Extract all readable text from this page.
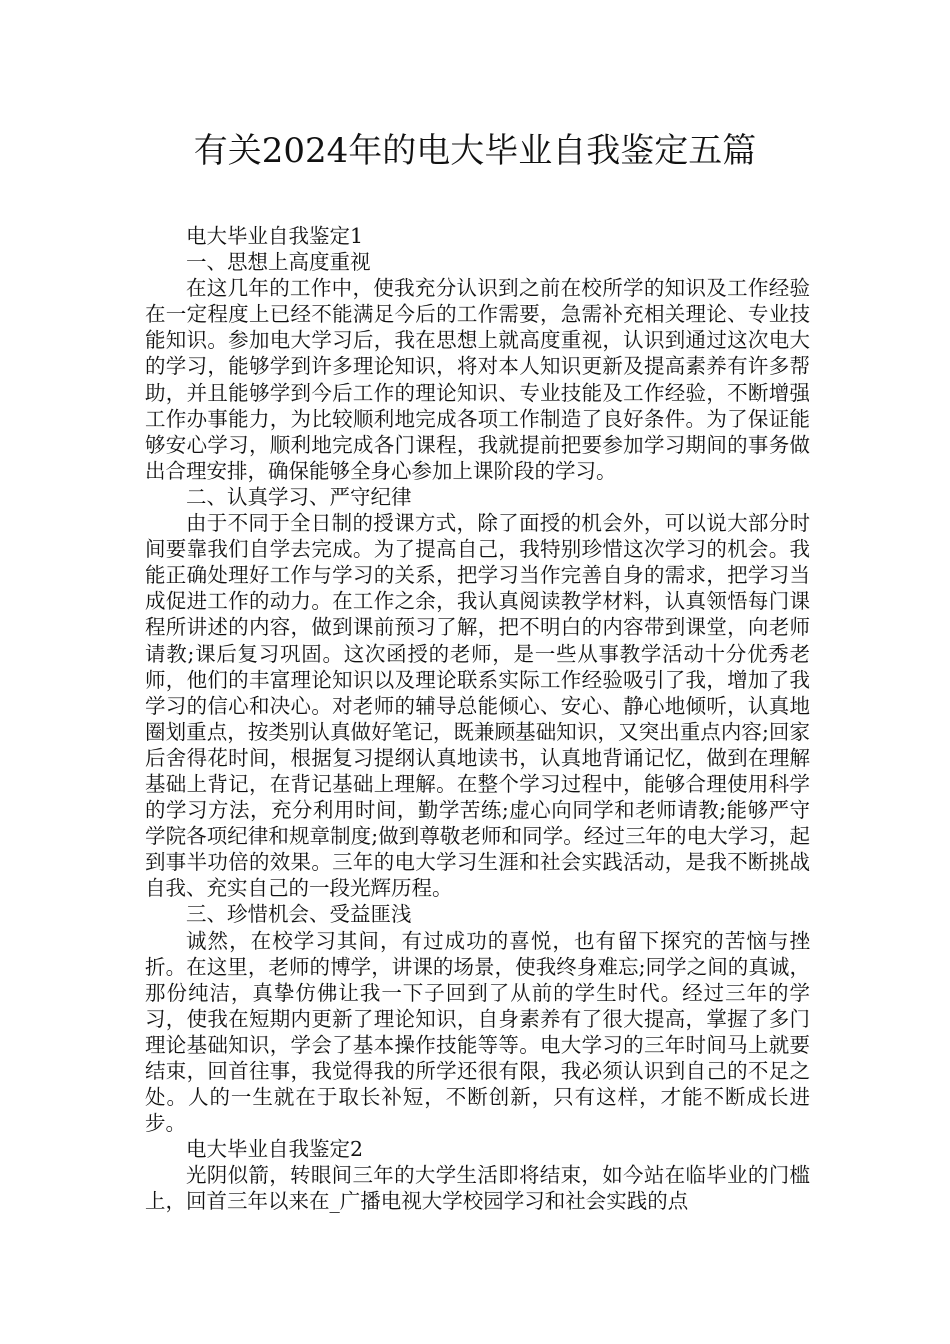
有关2024年的电大毕业自我鉴定五篇

电大毕业自我鉴定1

一、思想上高度重视

在这几年的工作中，使我充分认识到之前在校所学的知识及工作经验在一定程度上已经不能满足今后的工作需要，急需补充相关理论、专业技能知识。参加电大学习后，我在思想上就高度重视，认识到通过这次电大的学习，能够学到许多理论知识，将对本人知识更新及提高素养有许多帮助，并且能够学到今后工作的理论知识、专业技能及工作经验，不断增强工作办事能力，为比较顺利地完成各项工作制造了良好条件。为了保证能够安心学习，顺利地完成各门课程，我就提前把要参加学习期间的事务做出合理安排，确保能够全身心参加上课阶段的学习。

二、认真学习、严守纪律

由于不同于全日制的授课方式，除了面授的机会外，可以说大部分时间要靠我们自学去完成。为了提高自己，我特别珍惜这次学习的机会。我能正确处理好工作与学习的关系，把学习当作完善自身的需求，把学习当成促进工作的动力。在工作之余，我认真阅读教学材料，认真领悟每门课程所讲述的内容，做到课前预习了解，把不明白的内容带到课堂，向老师请教;课后复习巩固。这次函授的老师，是一些从事教学活动十分优秀老师，他们的丰富理论知识以及理论联系实际工作经验吸引了我，增加了我学习的信心和决心。对老师的辅导总能倾心、安心、静心地倾听，认真地圈划重点，按类别认真做好笔记，既兼顾基础知识，又突出重点内容;回家后舍得花时间，根据复习提纲认真地读书，认真地背诵记忆，做到在理解基础上背记，在背记基础上理解。在整个学习过程中，能够合理使用科学的学习方法，充分利用时间，勤学苦练;虚心向同学和老师请教;能够严守学院各项纪律和规章制度;做到尊敬老师和同学。经过三年的电大学习，起到事半功倍的效果。三年的电大学习生涯和社会实践活动，是我不断挑战自我、充实自己的一段光辉历程。

三、珍惜机会、受益匪浅

诚然，在校学习其间，有过成功的喜悦，也有留下探究的苦恼与挫折。在这里，老师的博学，讲课的场景，使我终身难忘;同学之间的真诚，那份纯洁，真挚仿佛让我一下子回到了从前的学生时代。经过三年的学习，使我在短期内更新了理论知识，自身素养有了很大提高，掌握了多门理论基础知识，学会了基本操作技能等等。电大学习的三年时间马上就要结束，回首往事，我觉得我的所学还很有限，我必须认识到自己的不足之处。人的一生就在于取长补短，不断创新，只有这样，才能不断成长进步。

电大毕业自我鉴定2

光阴似箭，转眼间三年的大学生活即将结束，如今站在临毕业的门槛上，回首三年以来在_广播电视大学校园学习和社会实践的点
